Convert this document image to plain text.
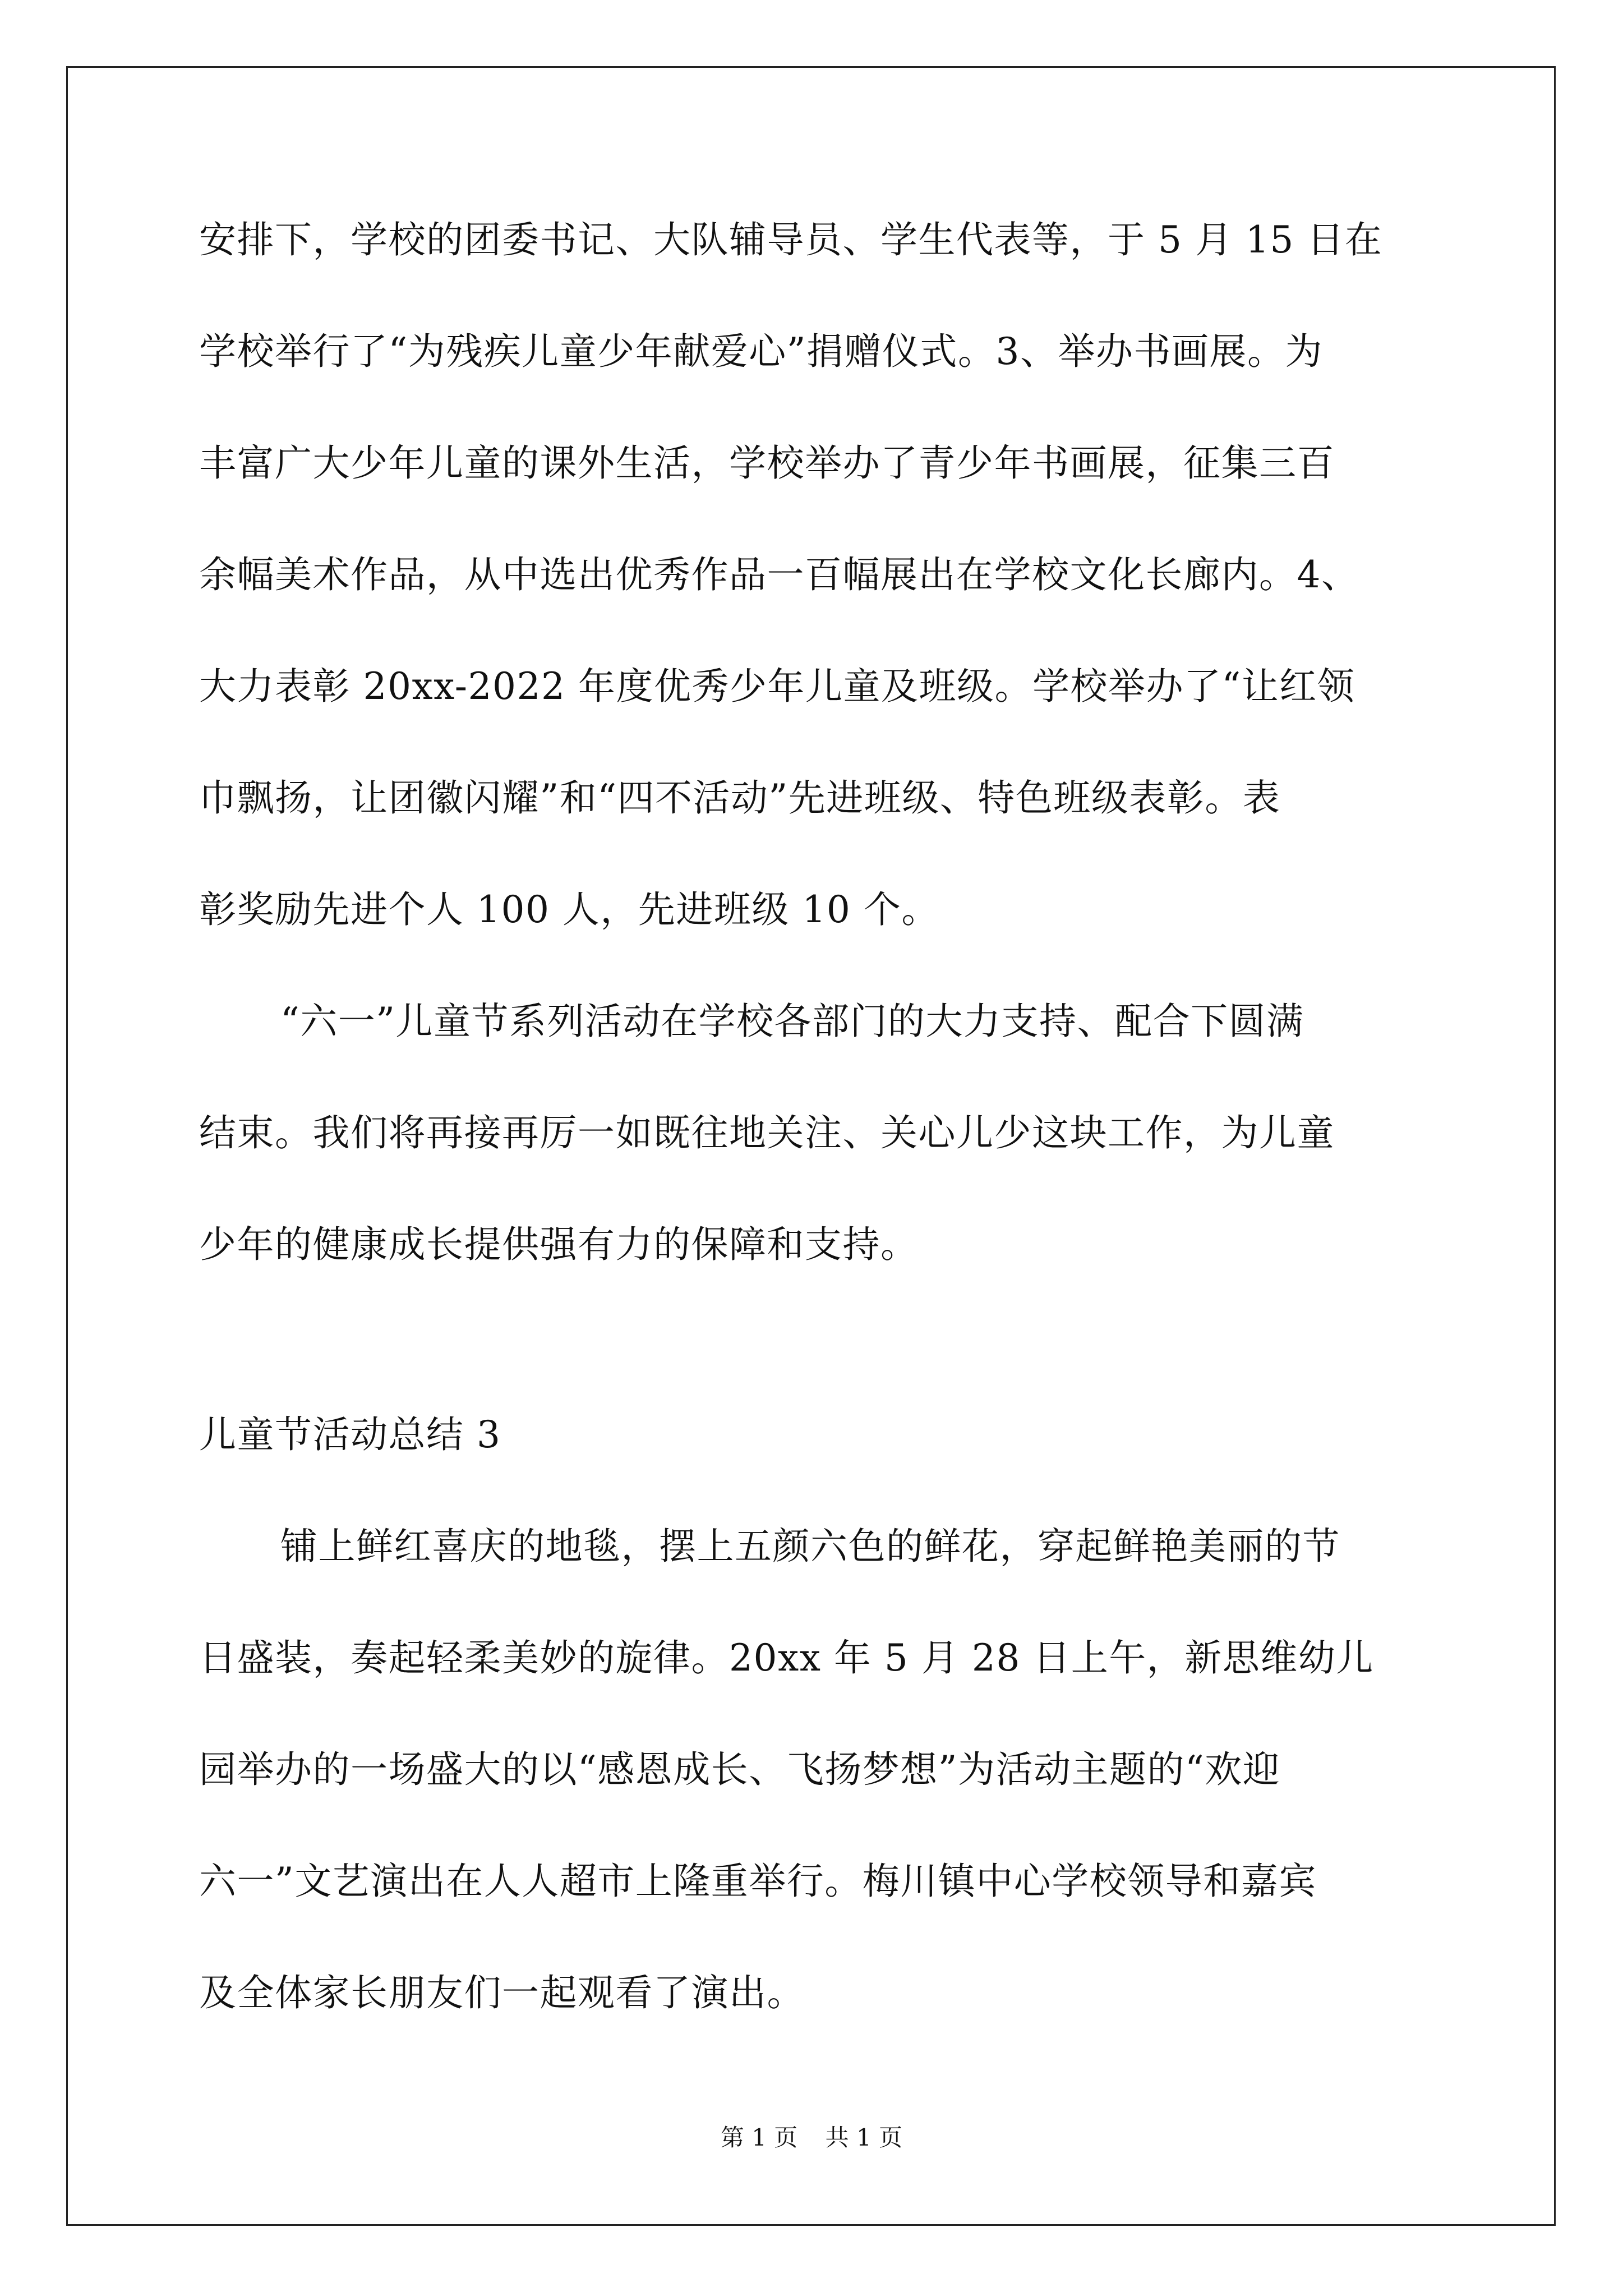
安排下，学校的团委书记、大队辅导员、学生代表等，于 5 月 15 日在
学校举行了“为残疾儿童少年献爱心”捐赠仪式。3、举办书画展。为
丰富广大少年儿童的课外生活，学校举办了青少年书画展，征集三百
余幅美术作品，从中选出优秀作品一百幅展出在学校文化长廊内。4、
大力表彰 20xx-2022 年度优秀少年儿童及班级。学校举办了“让红领
巾飘扬，让团徽闪耀”和“四不活动”先进班级、特色班级表彰。表
彰奖励先进个人 100 人，先进班级 10 个。
“六一”儿童节系列活动在学校各部门的大力支持、配合下圆满
结束。我们将再接再厉一如既往地关注、关心儿少这块工作，为儿童
少年的健康成长提供强有力的保障和支持。
儿童节活动总结 3
铺上鲜红喜庆的地毯，摆上五颜六色的鲜花，穿起鲜艳美丽的节
日盛装，奏起轻柔美妙的旋律。20xx 年 5 月 28 日上午，新思维幼儿
园举办的一场盛大的以“感恩成长、飞扬梦想”为活动主题的“欢迎
六一”文艺演出在人人超市上隆重举行。梅川镇中心学校领导和嘉宾
及全体家长朋友们一起观看了演出。
第 1 页 共 1 页
